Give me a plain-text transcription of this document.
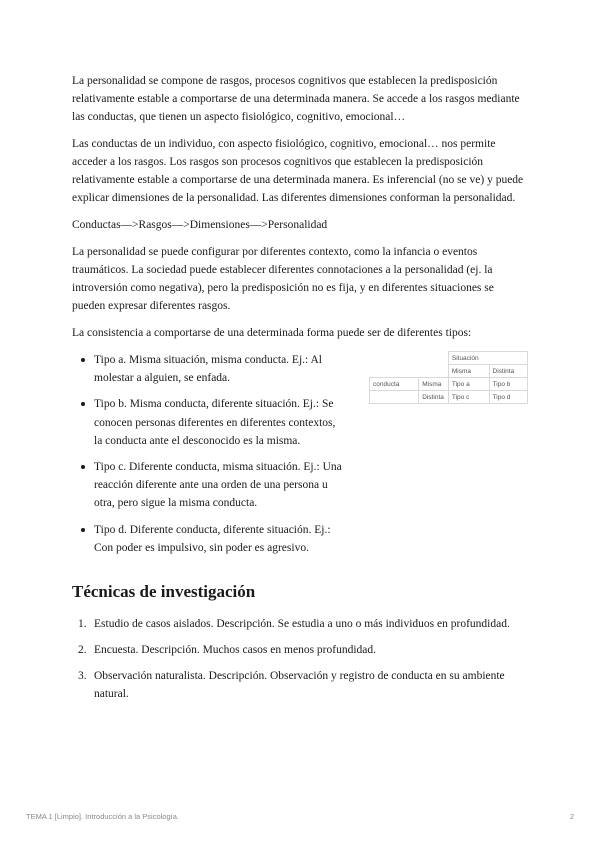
La personalidad se compone de rasgos, procesos cognitivos que establecen la predisposición relativamente estable a comportarse de una determinada manera. Se accede a los rasgos mediante las conductas, que tienen un aspecto fisiológico, cognitivo, emocional…

Las conductas de un individuo, con aspecto fisiológico, cognitivo, emocional… nos permite acceder a los rasgos. Los rasgos son procesos cognitivos que establecen la predisposición relativamente estable a comportarse de una determinada manera. Es inferencial (no se ve) y puede explicar dimensiones de la personalidad. Las diferentes dimensiones conforman la personalidad.

Conductas—>Rasgos—>Dimensiones—>Personalidad

La personalidad se puede configurar por diferentes contexto, como la infancia o eventos traumáticos. La sociedad puede establecer diferentes connotaciones a la personalidad (ej. la introversión como negativa), pero la predisposición no es fija, y en diferentes situaciones se pueden expresar diferentes rasgos.

La consistencia a comportarse de una determinada forma puede ser de diferentes tipos:

Tipo a. Misma situación, misma conducta. Ej.: Al molestar a alguien, se enfada.
Tipo b. Misma conducta, diferente situación. Ej.: Se conocen personas diferentes en diferentes contextos, la conducta ante el desconocido es la misma.
Tipo c. Diferente conducta, misma situación. Ej.: Una reacción diferente ante una orden de una persona u otra, pero sigue la misma conducta.
Tipo d. Diferente conducta, diferente situación. Ej.: Con poder es impulsivo, sin poder es agresivo.
		Situación	
		Misma	Distinta
conducta	Misma	Tipo a	Tipo b
	Distinta	Tipo c	Tipo d
Técnicas de investigación
1. Estudio de casos aislados. Descripción. Se estudia a uno o más individuos en profundidad.
2. Encuesta. Descripción. Muchos casos en menos profundidad.
3. Observación naturalista. Descripción. Observación y registro de conducta en su ambiente natural.
TEMA 1 [Limpio]. Introducción a la Psicología.	2
